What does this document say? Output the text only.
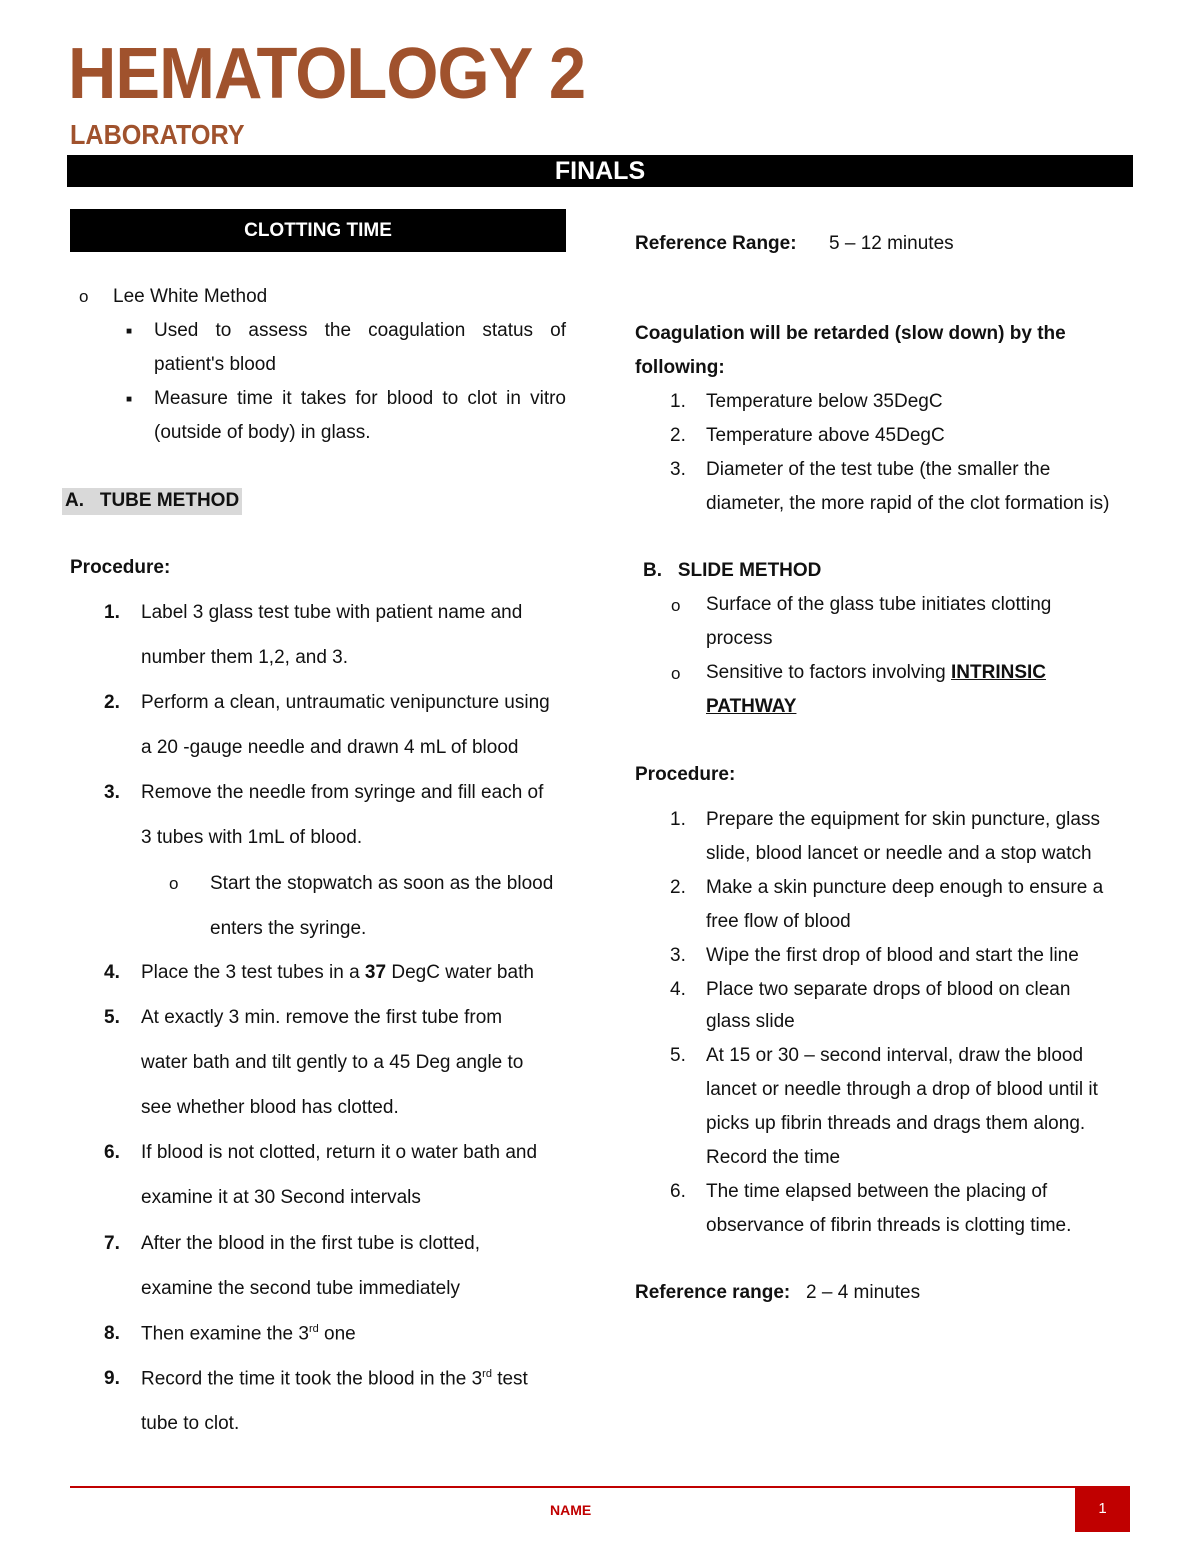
HEMATOLOGY 2
LABORATORY
FINALS
CLOTTING TIME
o Lee White Method
■ Used to assess the coagulation status of
patient's blood
■ Measure time it takes for blood to clot in vitro
(outside of body) in glass.
A.   TUBE METHOD
Procedure:
1. Label 3 glass test tube with patient name and
number them 1,2, and 3.
2. Perform a clean, untraumatic venipuncture using
a 20 -gauge needle and drawn 4 mL of blood
3. Remove the needle from syringe and fill each of
3 tubes with 1mL of blood.
o Start the stopwatch as soon as the blood
enters the syringe.
4. Place the 3 test tubes in a 37 DegC water bath
5. At exactly 3 min. remove the first tube from
water bath and tilt gently to a 45 Deg angle to
see whether blood has clotted.
6. If blood is not clotted, return it o water bath and
examine it at 30 Second intervals
7. After the blood in the first tube is clotted,
examine the second tube immediately
8. Then examine the 3rd one
9. Record the time it took the blood in the 3rd test
tube to clot.
Reference Range: 5 – 12 minutes
Coagulation will be retarded (slow down) by the
following:
1. Temperature below 35DegC
2. Temperature above 45DegC
3. Diameter of the test tube (the smaller the
diameter, the more rapid of the clot formation is)
B.   SLIDE METHOD
o Surface of the glass tube initiates clotting
process
o Sensitive to factors involving INTRINSIC
PATHWAY
Procedure:
1. Prepare the equipment for skin puncture, glass
slide, blood lancet or needle and a stop watch
2. Make a skin puncture deep enough to ensure a
free flow of blood
3. Wipe the first drop of blood and start the line
4. Place two separate drops of blood on clean
glass slide
5. At 15 or 30 – second interval, draw the blood
lancet or needle through a drop of blood until it
picks up fibrin threads and drags them along.
Record the time
6. The time elapsed between the placing of
observance of fibrin threads is clotting time.
Reference range: 2 – 4 minutes
NAME	1
